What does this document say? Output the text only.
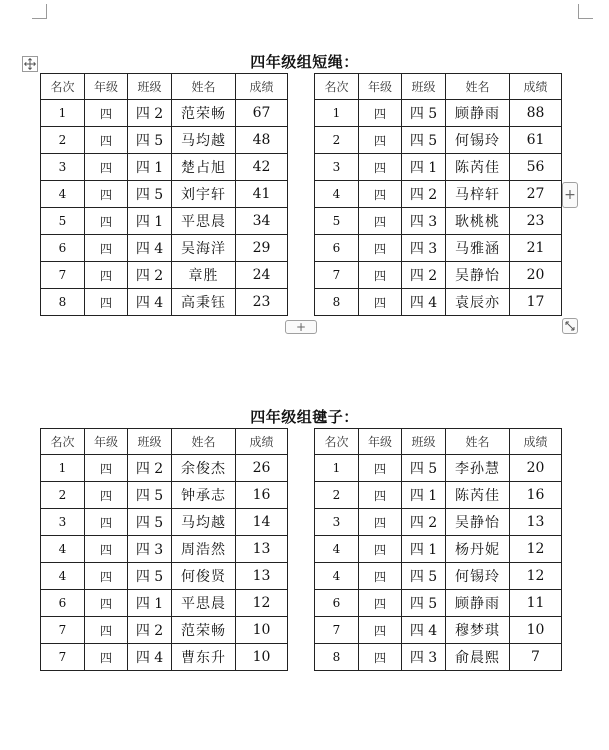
四年级组短绳：
名次	年级	班级	姓名	成绩		名次	年级	班级	姓名	成绩
1	四	四 2	范荣畅	67		1	四	四 5	顾静雨	88
2	四	四 5	马均越	48		2	四	四 5	何锡玲	61
3	四	四 1	楚占旭	42		3	四	四 1	陈芮佳	56
4	四	四 5	刘宇轩	41		4	四	四 2	马梓轩	27
5	四	四 1	平思晨	34		5	四	四 3	耿桃桃	23
6	四	四 4	吴海洋	29		6	四	四 3	马雅涵	21
7	四	四 2	章胜	24		7	四	四 2	吴静怡	20
8	四	四 4	高秉钰	23		8	四	四 4	袁辰亦	17
+
+
四年级组毽子：
名次	年级	班级	姓名	成绩		名次	年级	班级	姓名	成绩
1	四	四 2	余俊杰	26		1	四	四 5	李孙慧	20
2	四	四 5	钟承志	16		2	四	四 1	陈芮佳	16
3	四	四 5	马均越	14		3	四	四 2	吴静怡	13
4	四	四 3	周浩然	13		4	四	四 1	杨丹妮	12
4	四	四 5	何俊贤	13		4	四	四 5	何锡玲	12
6	四	四 1	平思晨	12		6	四	四 5	顾静雨	11
7	四	四 2	范荣畅	10		7	四	四 4	穆梦琪	10
7	四	四 4	曹东升	10		8	四	四 3	俞晨熙	7
